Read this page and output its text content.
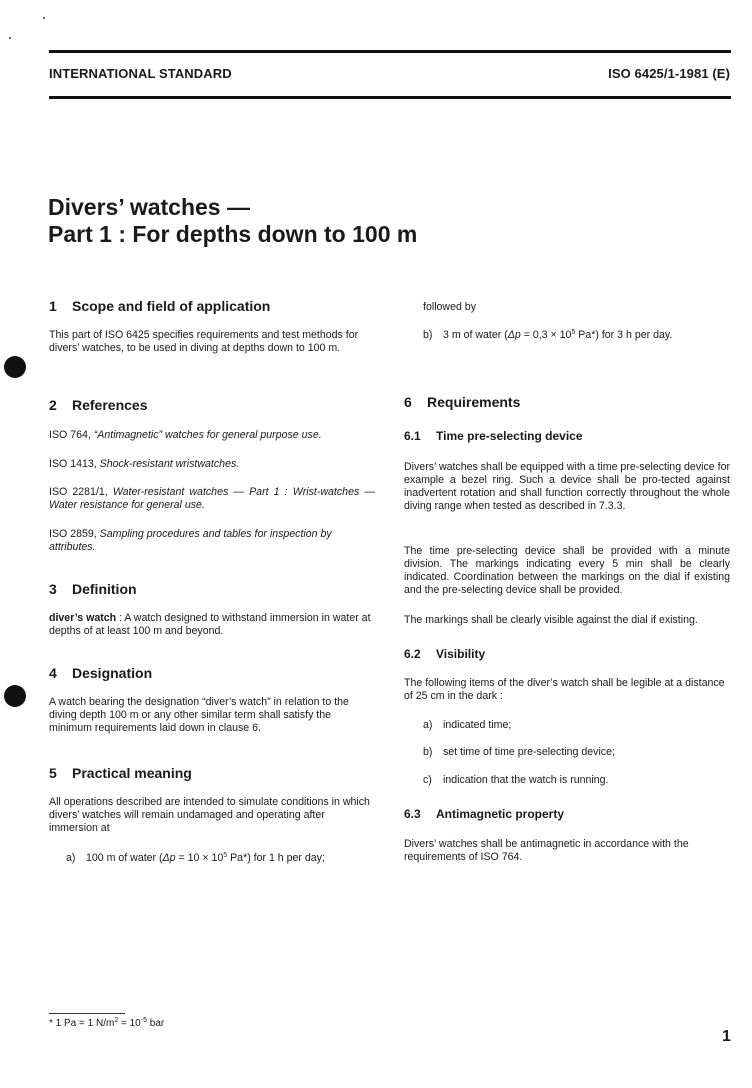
INTERNATIONAL STANDARD	ISO 6425/1-1981 (E)
Divers’ watches —
Part 1 : For depths down to 100 m
1 Scope and field of application
This part of ISO 6425 specifies requirements and test methods for divers’ watches, to be used in diving at depths down to 100 m.
2 References
ISO 764, “Antimagnetic” watches for general purpose use.
ISO 1413, Shock-resistant wristwatches.
ISO 2281/1, Water-resistant watches — Part 1 : Wrist-watches — Water resistance for general use.
ISO 2859, Sampling procedures and tables for inspection by attributes.
3 Definition
diver’s watch : A watch designed to withstand immersion in water at depths of at least 100 m and beyond.
4 Designation
A watch bearing the designation “diver’s watch” in relation to the diving depth 100 m or any other similar term shall satisfy the minimum requirements laid down in clause 6.
5 Practical meaning
All operations described are intended to simulate conditions in which divers’ watches will remain undamaged and operating after immersion at
a) 100 m of water ($\Delta p = 10 \times 10^5$ Pa*) for 1 h per day;
followed by
b) 3 m of water ($\Delta p = 0,3 \times 10^5$ Pa*) for 3 h per day.
6 Requirements
6.1 Time pre-selecting device
Divers’ watches shall be equipped with a time pre-selecting device for example a bezel ring. Such a device shall be pro-tected against inadvertent rotation and shall function correctly throughout the whole diving range when tested as described in 7.3.3.
The time pre-selecting device shall be provided with a minute division. The markings indicating every 5 min shall be clearly indicated. Coordination between the markings on the dial if existing and the pre-selecting device shall be provided.
The markings shall be clearly visible against the dial if existing.
6.2 Visibility
The following items of the diver’s watch shall be legible at a distance of 25 cm in the dark :
a) indicated time;
b) set time of time pre-selecting device;
c) indication that the watch is running.
6.3 Antimagnetic property
Divers’ watches shall be antimagnetic in accordance with the requirements of ISO 764.
* 1 Pa = 1 $N/m^2 = 10^{-5}$ bar
1
